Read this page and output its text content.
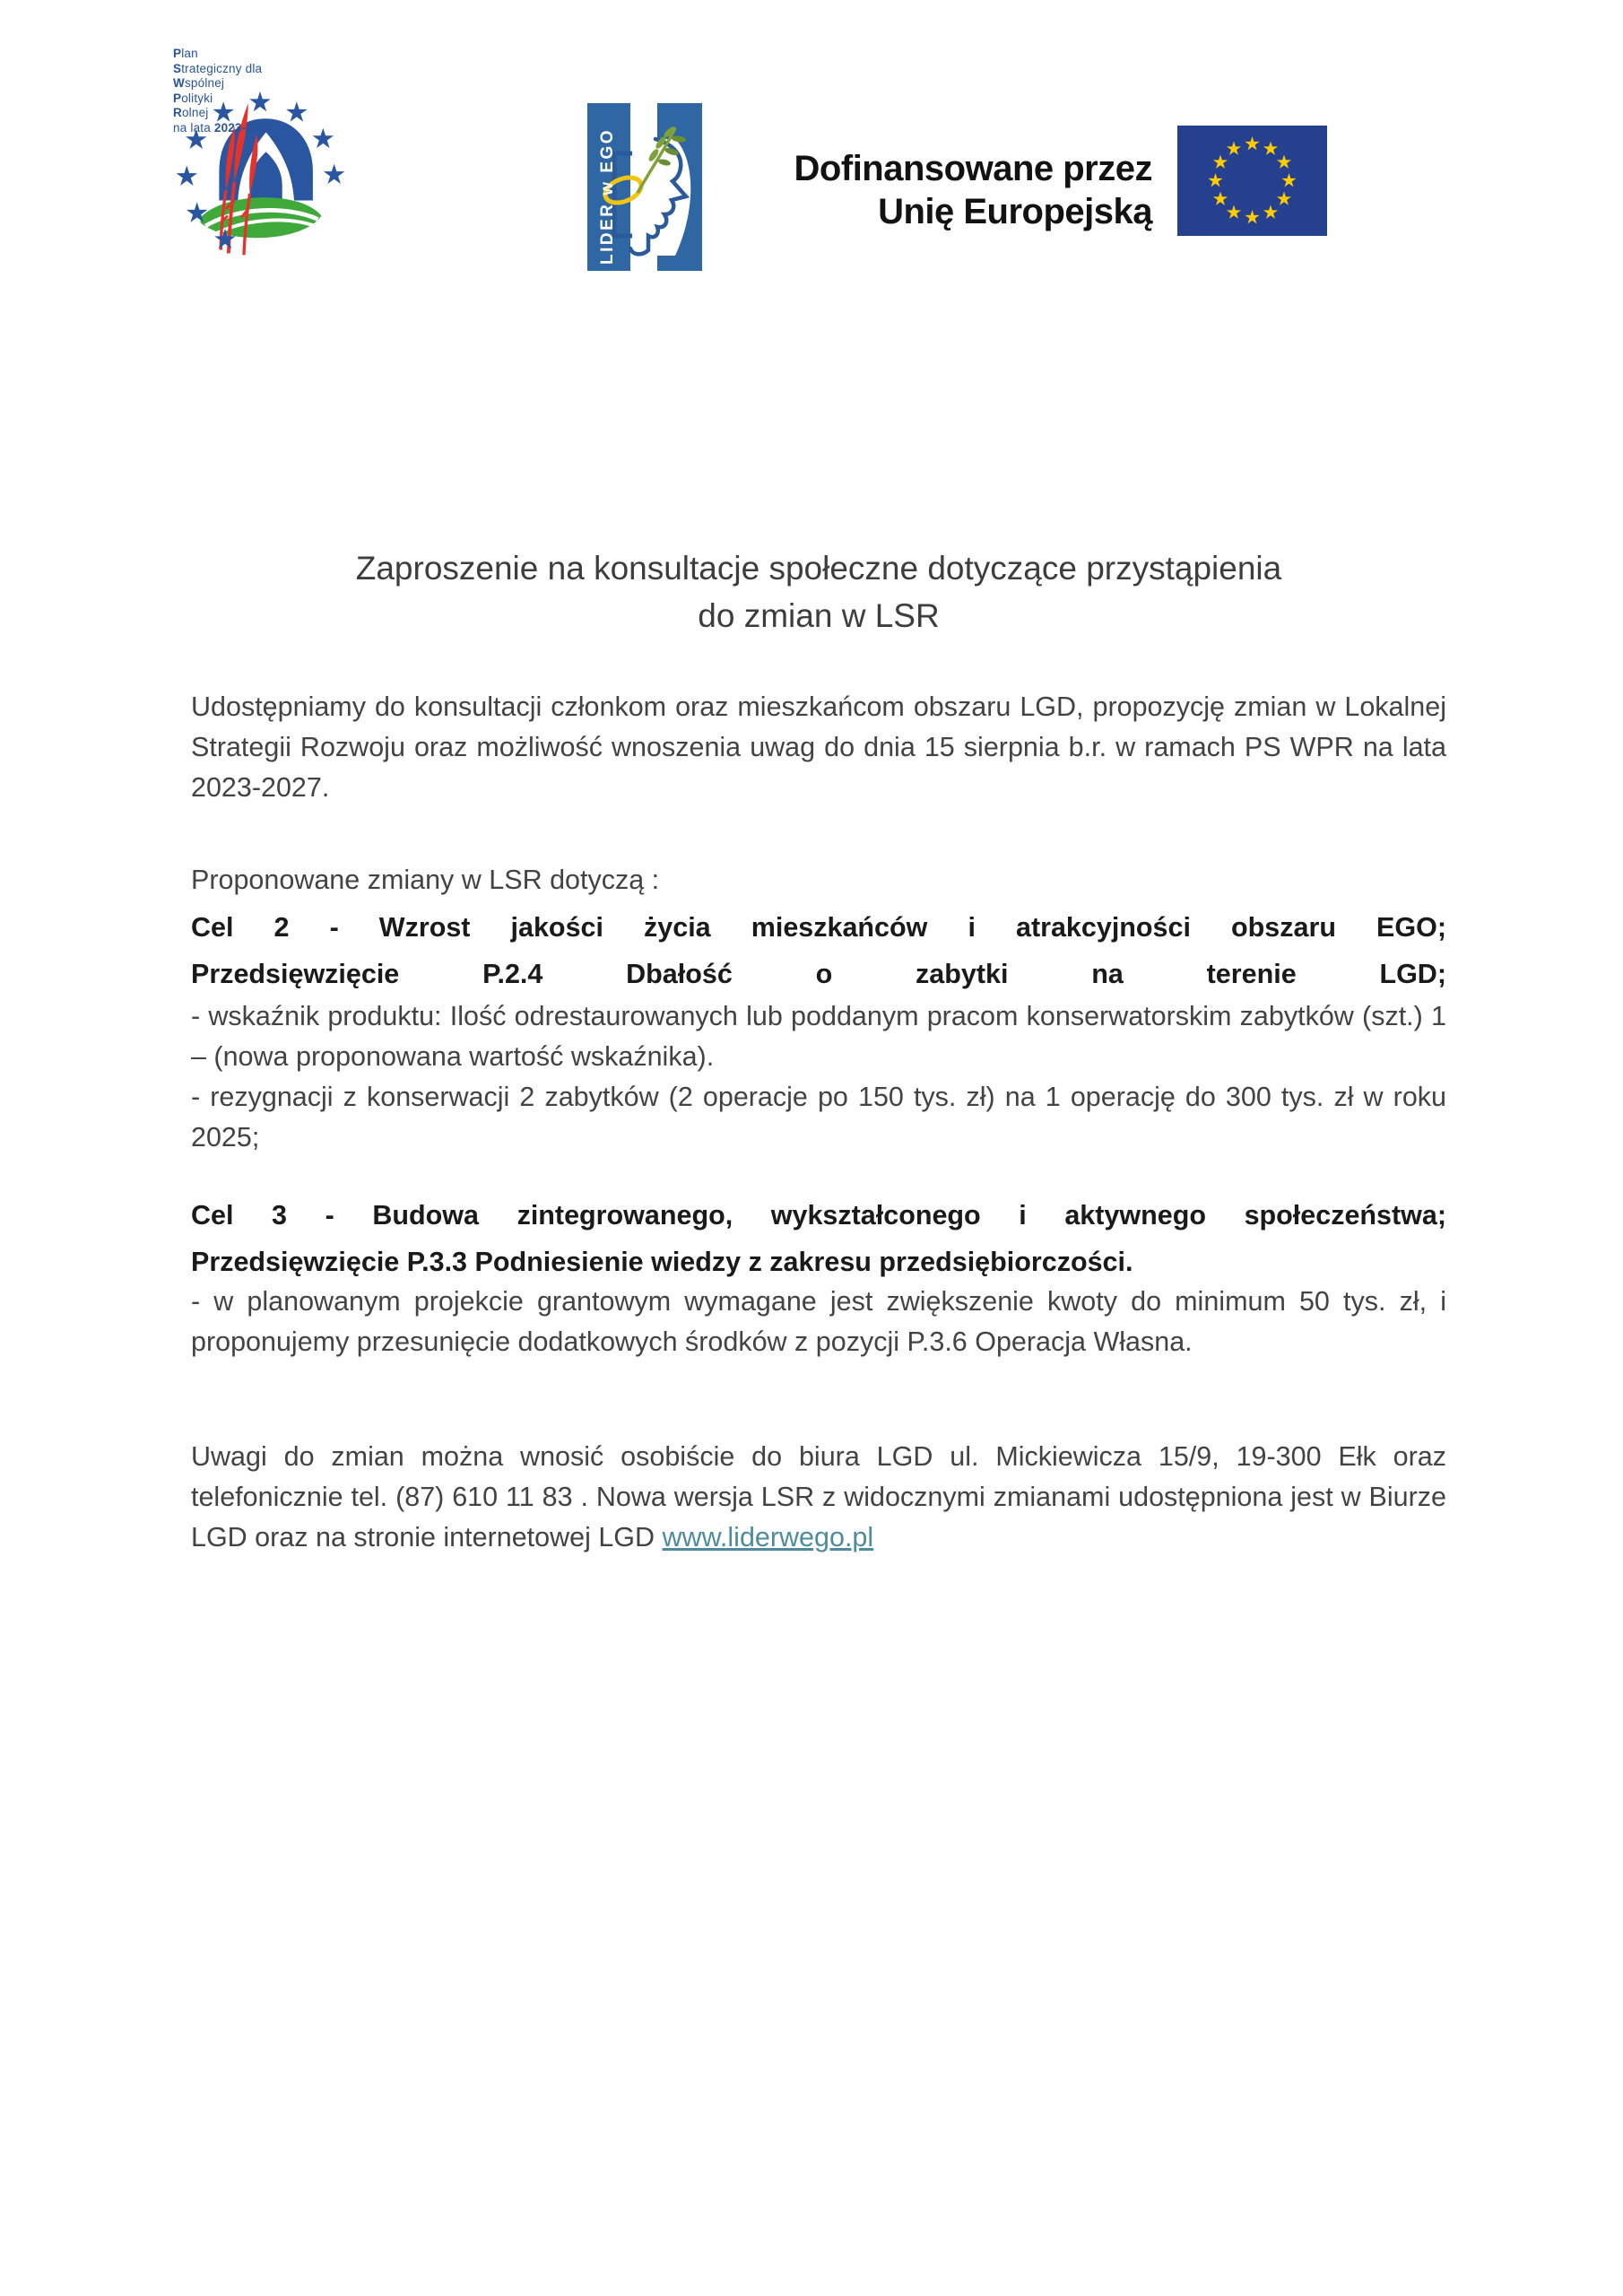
Plan
Strategiczny dla
Wspólnej
Polityki
Rolnej
na lata 2023-2027
LIDER w EGO	Dofinansowane przez
Unię Europejską
Zaproszenie na konsultacje społeczne dotyczące przystąpienia
do zmian w LSR
Udostępniamy do konsultacji członkom oraz mieszkańcom obszaru LGD, propozycję zmian w Lokalnej Strategii Rozwoju oraz możliwość wnoszenia uwag do dnia 15 sierpnia b.r. w ramach PS WPR na lata 2023-2027.
Proponowane zmiany w LSR dotyczą :
Cel 2 - Wzrost jakości życia mieszkańców i atrakcyjności obszaru EGO;
Przedsięwzięcie P.2.4 Dbałość o zabytki na terenie LGD;
- wskaźnik produktu: Ilość odrestaurowanych lub poddanym pracom konserwatorskim zabytków (szt.) 1 – (nowa proponowana wartość wskaźnika).
- rezygnacji z konserwacji 2 zabytków (2 operacje po 150 tys. zł) na 1 operację do 300 tys. zł w roku 2025;
Cel 3 - Budowa zintegrowanego, wykształconego i aktywnego społeczeństwa;
Przedsięwzięcie P.3.3 Podniesienie wiedzy z zakresu przedsiębiorczości.
- w planowanym projekcie grantowym wymagane jest zwiększenie kwoty do minimum 50 tys. zł, i proponujemy przesunięcie dodatkowych środków z pozycji P.3.6 Operacja Własna.
Uwagi do zmian można wnosić osobiście do biura LGD ul. Mickiewicza 15/9, 19-300 Ełk oraz telefonicznie tel. (87) 610 11 83 . Nowa wersja LSR z widocznymi zmianami udostępniona jest w Biurze LGD oraz na stronie internetowej LGD www.liderwego.pl
